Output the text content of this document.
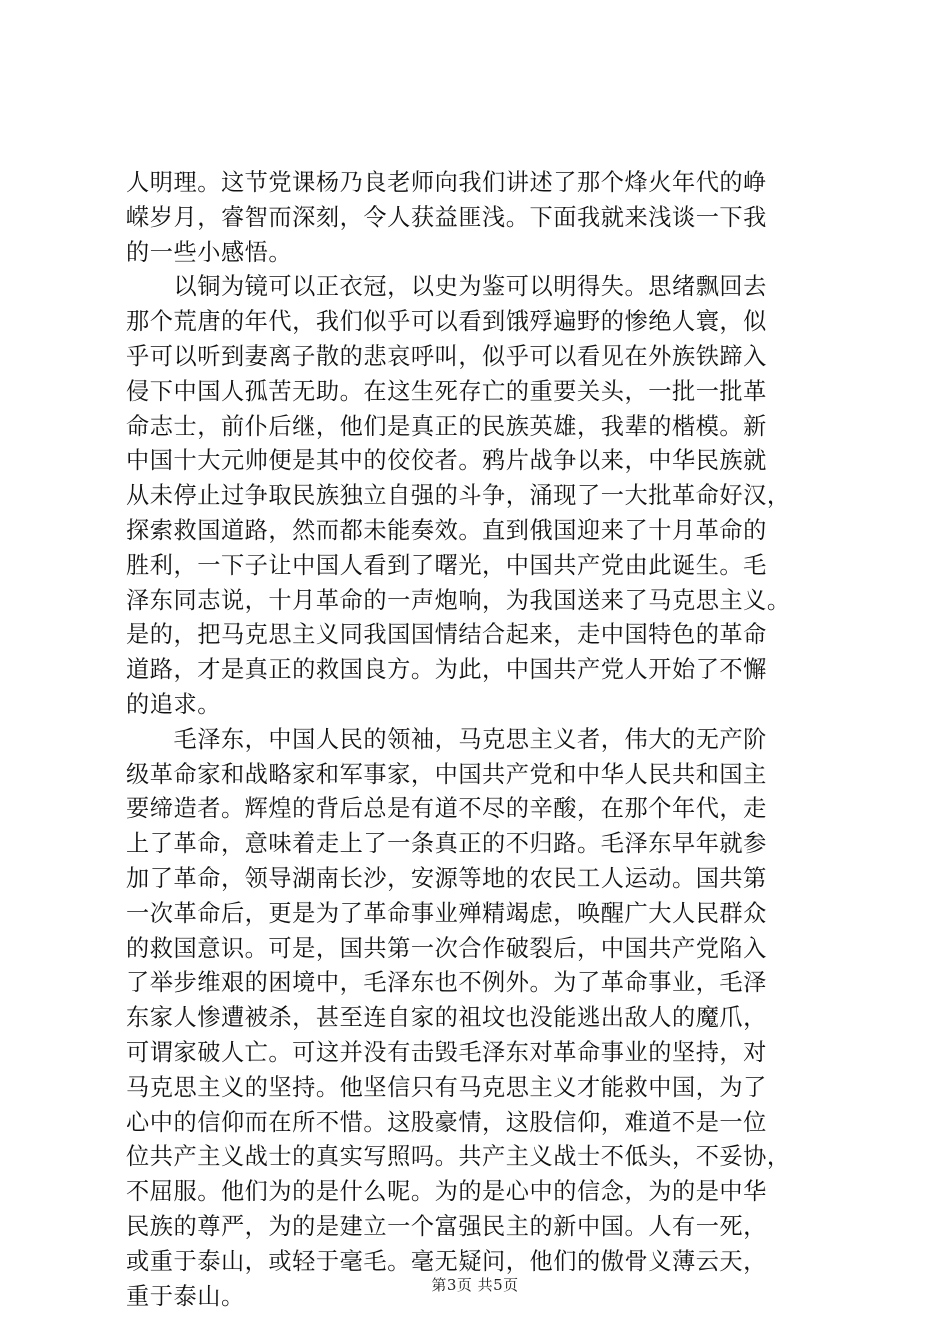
人明理。这节党课杨乃良老师向我们讲述了那个烽火年代的峥
嵘岁月，睿智而深刻，令人获益匪浅。下面我就来浅谈一下我
的一些小感悟。
　　以铜为镜可以正衣冠，以史为鉴可以明得失。思绪飘回去
那个荒唐的年代，我们似乎可以看到饿殍遍野的惨绝人寰，似
乎可以听到妻离子散的悲哀呼叫，似乎可以看见在外族铁蹄入
侵下中国人孤苦无助。在这生死存亡的重要关头，一批一批革
命志士，前仆后继，他们是真正的民族英雄，我辈的楷模。新
中国十大元帅便是其中的佼佼者。鸦片战争以来，中华民族就
从未停止过争取民族独立自强的斗争，涌现了一大批革命好汉，
探索救国道路，然而都未能奏效。直到俄国迎来了十月革命的
胜利，一下子让中国人看到了曙光，中国共产党由此诞生。毛
泽东同志说，十月革命的一声炮响，为我国送来了马克思主义。
是的，把马克思主义同我国国情结合起来，走中国特色的革命
道路，才是真正的救国良方。为此，中国共产党人开始了不懈
的追求。
　　毛泽东，中国人民的领袖，马克思主义者，伟大的无产阶
级革命家和战略家和军事家，中国共产党和中华人民共和国主
要缔造者。辉煌的背后总是有道不尽的辛酸，在那个年代，走
上了革命，意味着走上了一条真正的不归路。毛泽东早年就参
加了革命，领导湖南长沙，安源等地的农民工人运动。国共第
一次革命后，更是为了革命事业殚精竭虑，唤醒广大人民群众
的救国意识。可是，国共第一次合作破裂后，中国共产党陷入
了举步维艰的困境中，毛泽东也不例外。为了革命事业，毛泽
东家人惨遭被杀，甚至连自家的祖坟也没能逃出敌人的魔爪，
可谓家破人亡。可这并没有击毁毛泽东对革命事业的坚持，对
马克思主义的坚持。他坚信只有马克思主义才能救中国，为了
心中的信仰而在所不惜。这股豪情，这股信仰，难道不是一位
位共产主义战士的真实写照吗。共产主义战士不低头，不妥协，
不屈服。他们为的是什么呢。为的是心中的信念，为的是中华
民族的尊严，为的是建立一个富强民主的新中国。人有一死，
或重于泰山，或轻于毫毛。毫无疑问，他们的傲骨义薄云天，
重于泰山。	第3页 共5页
